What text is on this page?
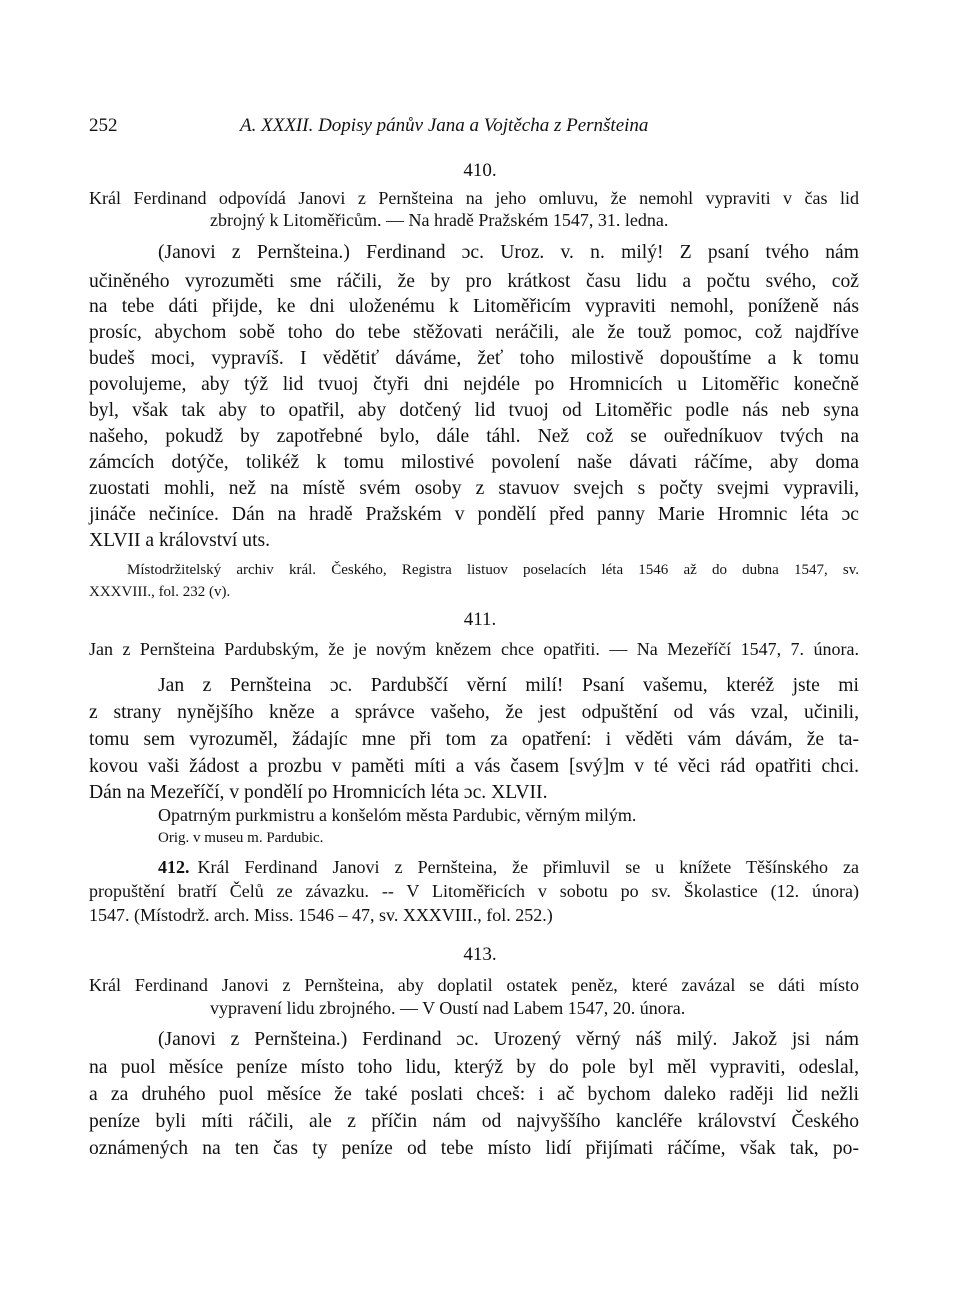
252	A. XXXII. Dopisy pánův Jana a Vojtěcha z Pernšteina
410.
Král Ferdinand odpovídá Janovi z Pernšteina na jeho omluvu, že nemohl vypraviti v čas lid
zbrojný k Litoměřicům. — Na hradě Pražském 1547, 31. ledna.
(Janovi z Pernšteina.) Ferdinand ɔc. Uroz. v. n. milý! Z psaní tvého nám
učiněného vyrozuměti sme ráčili, že by pro krátkost času lidu a počtu svého, což
na tebe dáti přijde, ke dni uloženému k Litoměřicím vypraviti nemohl, poníženě nás
prosíc, abychom sobě toho do tebe stěžovati neráčili, ale že touž pomoc, což najdříve
budeš moci, vypravíš. I vědětiť dáváme, žeť toho milostivě dopouštíme a k tomu
povolujeme, aby týž lid tvuoj čtyři dni nejdéle po Hromnicích u Litoměřic konečně
byl, však tak aby to opatřil, aby dotčený lid tvuoj od Litoměřic podle nás neb syna
našeho, pokudž by zapotřebné bylo, dále táhl. Než což se ouředníkuov tvých na
zámcích dotýče, tolikéž k tomu milostivé povolení naše dávati ráčíme, aby doma
zuostati mohli, než na místě svém osoby z stavuov svejch s počty svejmi vypravili,
jináče nečiníce. Dán na hradě Pražském v pondělí před panny Marie Hromnic léta ɔc
XLVII a království uts.
Místodržitelský archiv král. Českého, Registra listuov poselacích léta 1546 až do dubna 1547, sv.
XXXVIII., fol. 232 (v).
411.
Jan z Pernšteina Pardubským, že je novým knězem chce opatřiti. — Na Mezeříčí 1547, 7. února.
Jan z Pernšteina ɔc. Pardubščí věrní milí! Psaní vašemu, kteréž jste mi
z strany nynějšího kněze a správce vašeho, že jest odpuštění od vás vzal, učinili,
tomu sem vyrozuměl, žádajíc mne při tom za opatření: i věděti vám dávám, že ta-
kovou vaši žádost a prozbu v paměti míti a vás časem [svý]m v té věci rád opatřiti chci.
Dán na Mezeříčí, v pondělí po Hromnicích léta ɔc. XLVII.
Opatrným purkmistru a konšelóm města Pardubic, věrným milým.
Orig. v museu m. Pardubic.
412. Král Ferdinand Janovi z Pernšteina, že přimluvil se u knížete Těšínského za
propuštění bratří Čelů ze závazku. -- V Litoměřicích v sobotu po sv. Školastice (12. února)
1547. (Místodrž. arch. Miss. 1546 – 47, sv. XXXVIII., fol. 252.)
413.
Král Ferdinand Janovi z Pernšteina, aby doplatil ostatek peněz, které zavázal se dáti místo
vypravení lidu zbrojného. — V Oustí nad Labem 1547, 20. února.
(Janovi z Pernšteina.) Ferdinand ɔc. Urozený věrný náš milý. Jakož jsi nám
na puol měsíce peníze místo toho lidu, kterýž by do pole byl měl vypraviti, odeslal,
a za druhého puol měsíce že také poslati chceš: i ač bychom daleko raději lid nežli
peníze byli míti ráčili, ale z příčin nám od najvyššího kancléře království Českého
oznámených na ten čas ty peníze od tebe místo lidí přijímati ráčíme, však tak, po-
